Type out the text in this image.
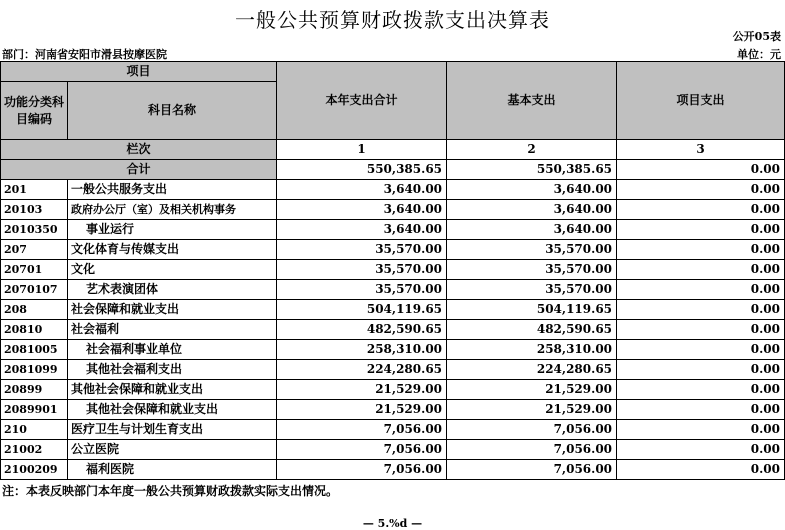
一般公共预算财政拨款支出决算表
公开05表
部门：河南省安阳市滑县按摩医院	单位：元
项目		本年支出合计	基本支出	项目支出
功能分类科目编码	科目名称			

栏次		1	2	3
合计		550,385.65	550,385.65	0.00
201	一般公共服务支出	3,640.00	3,640.00	0.00
20103	政府办公厅（室）及相关机构事务	3,640.00	3,640.00	0.00
2010350	事业运行	3,640.00	3,640.00	0.00
207	文化体育与传媒支出	35,570.00	35,570.00	0.00
20701	文化	35,570.00	35,570.00	0.00
2070107	艺术表演团体	35,570.00	35,570.00	0.00
208	社会保障和就业支出	504,119.65	504,119.65	0.00
20810	社会福利	482,590.65	482,590.65	0.00
2081005	社会福利事业单位	258,310.00	258,310.00	0.00
2081099	其他社会福利支出	224,280.65	224,280.65	0.00
20899	其他社会保障和就业支出	21,529.00	21,529.00	0.00
2089901	其他社会保障和就业支出	21,529.00	21,529.00	0.00
210	医疗卫生与计划生育支出	7,056.00	7,056.00	0.00
21002	公立医院	7,056.00	7,056.00	0.00
2100209	福利医院	7,056.00	7,056.00	0.00
注：本表反映部门本年度一般公共预算财政拨款实际支出情况。
— 5.%d —
